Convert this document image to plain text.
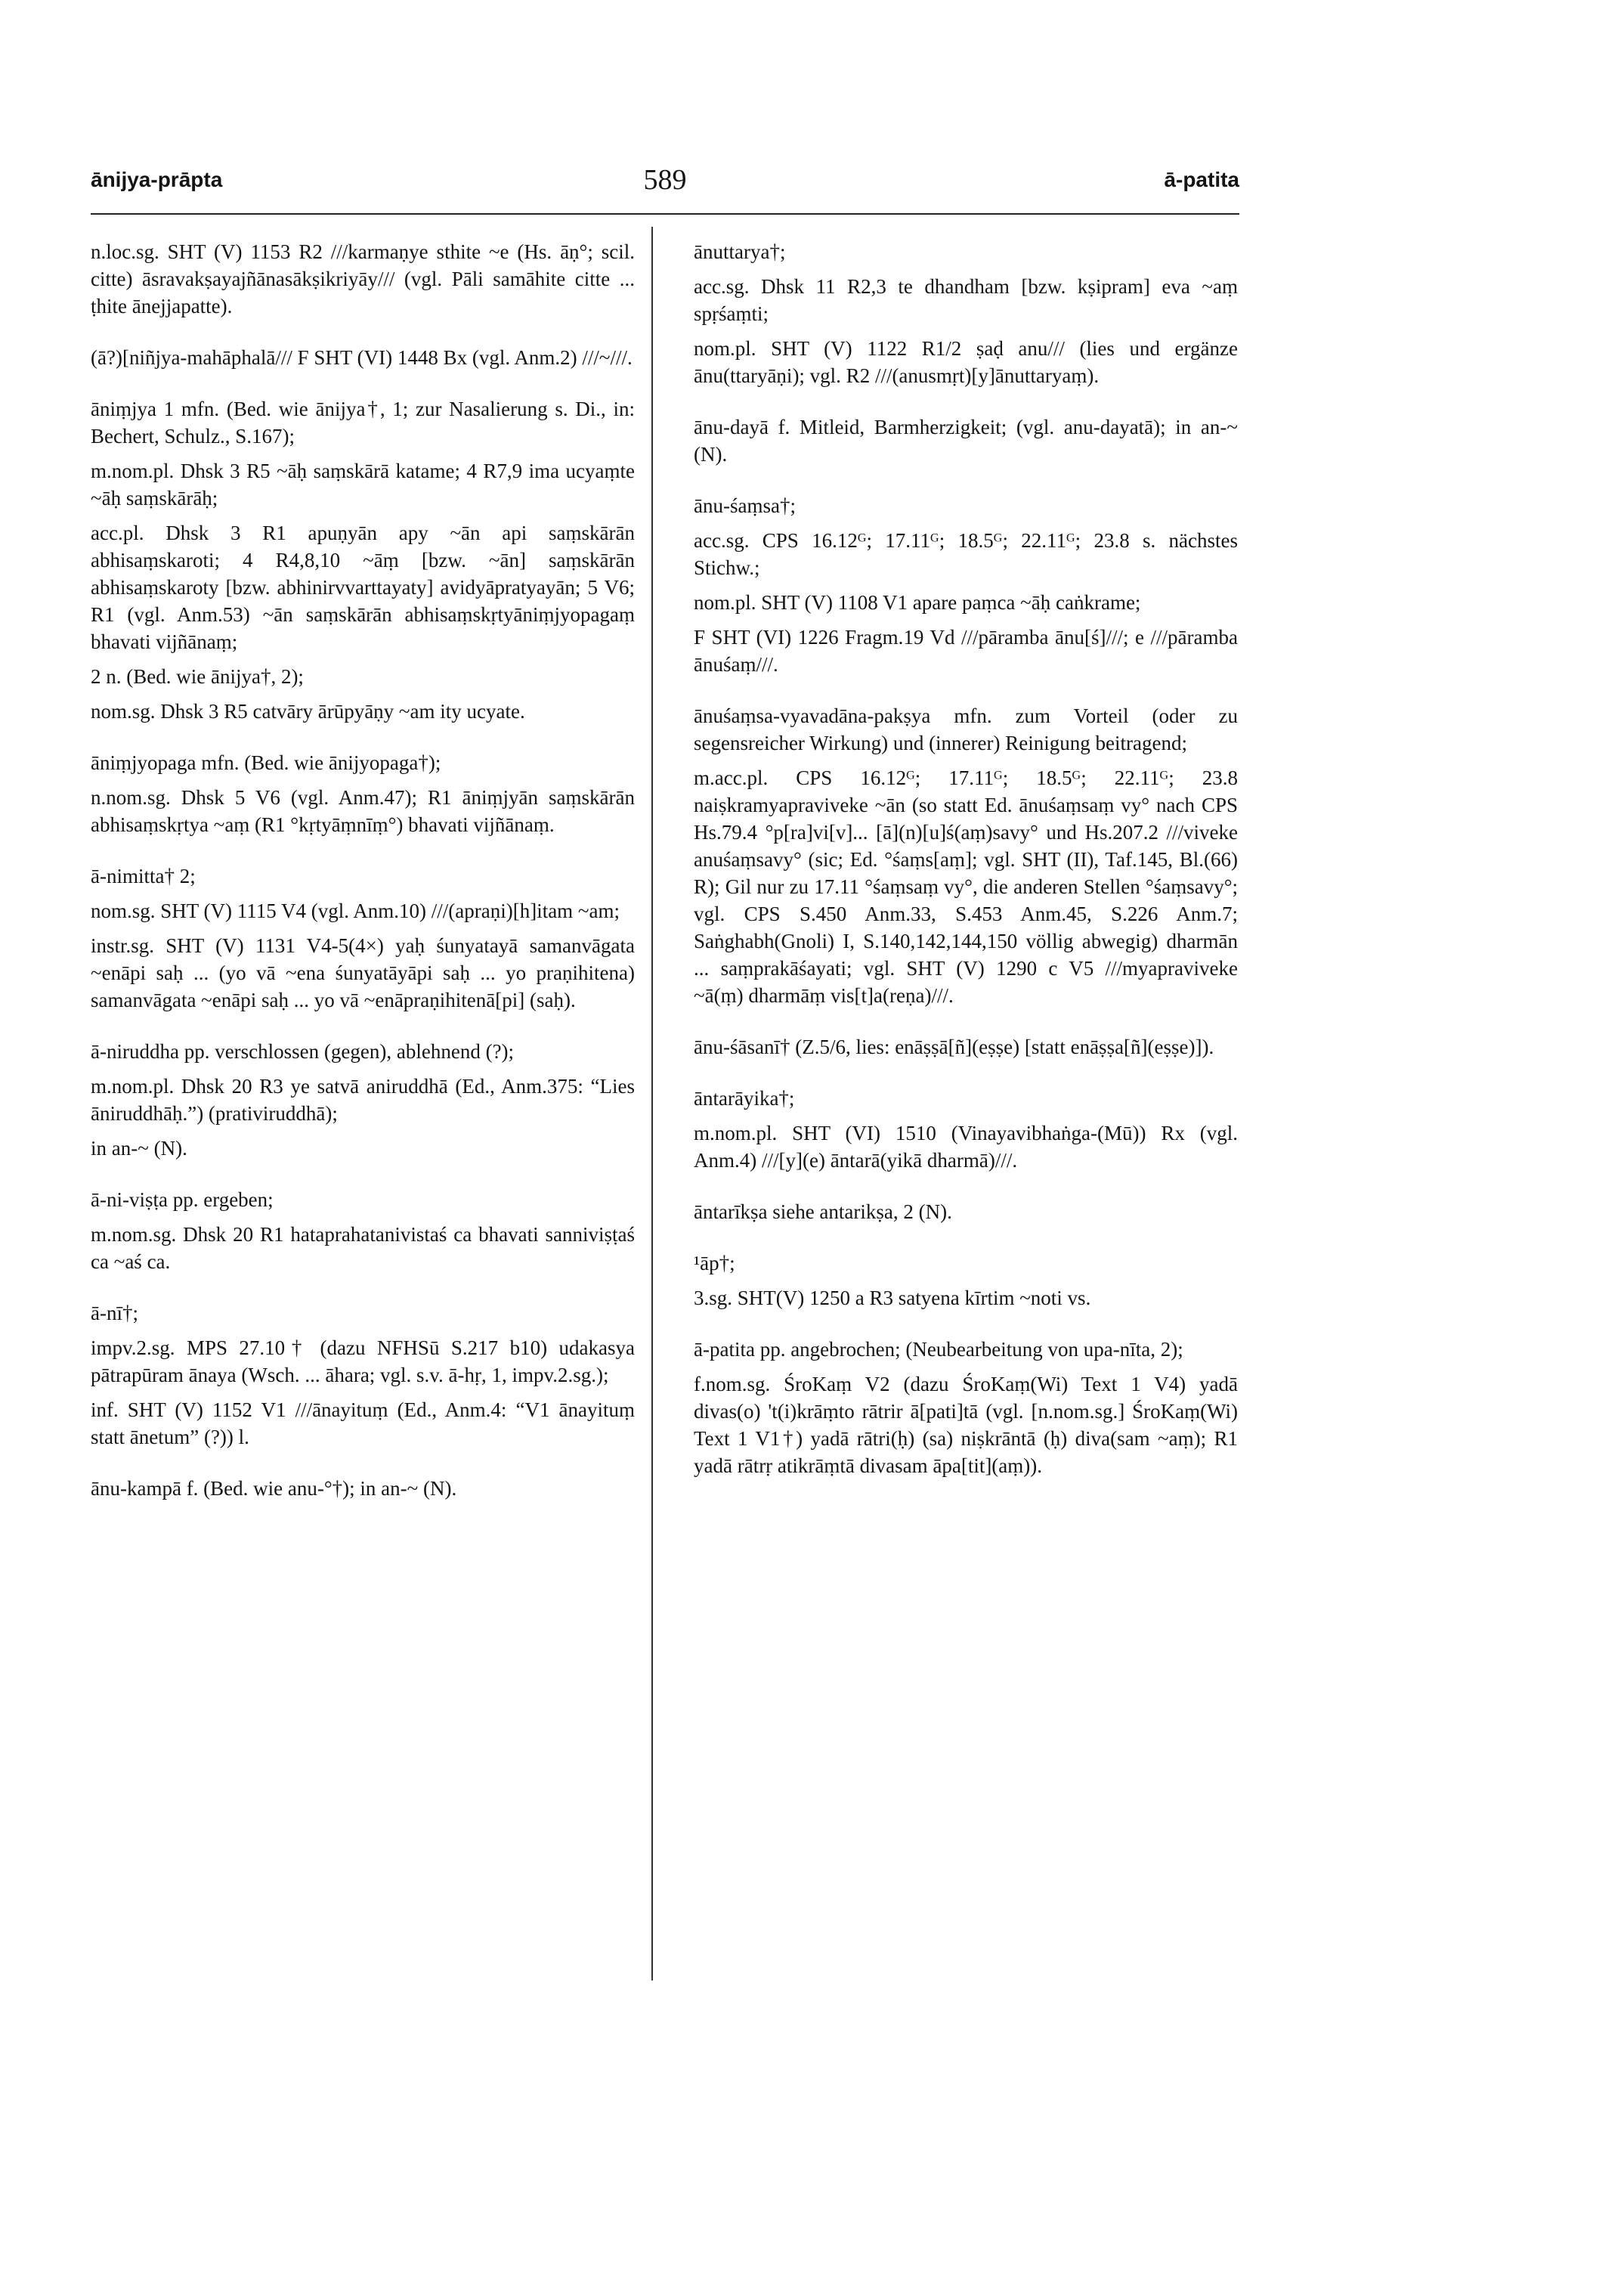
ānijya-prāpta	589	ā-patita

n.loc.sg. SHT (V) 1153 R2 ///karmaṇye sthite ~e (Hs. āṇ°; scil. citte) āsravakṣayajñānasākṣikriyāy/// (vgl. Pāli samāhite citte ... ṭhite ānejjapatte).

(ā?)[niñjya-mahāphalā/// F SHT (VI) 1448 Bx (vgl. Anm.2) ///~///.

āniṃjya 1 mfn. (Bed. wie ānijya†, 1; zur Nasalierung s. Di., in: Bechert, Schulz., S.167);

m.nom.pl. Dhsk 3 R5 ~āḥ saṃskārā katame; 4 R7,9 ima ucyaṃte ~āḥ saṃskārāḥ;

acc.pl. Dhsk 3 R1 apuṇyān apy ~ān api saṃskārān abhisaṃskaroti; 4 R4,8,10 ~āṃ [bzw. ~ān] saṃskārān abhisaṃskaroty [bzw. abhinirvvarttayaty] avidyāpratyayān; 5 V6; R1 (vgl. Anm.53) ~ān saṃskārān abhisaṃskṛtyāniṃjyopagaṃ bhavati vijñānaṃ;

2 n. (Bed. wie ānijya†, 2);

nom.sg. Dhsk 3 R5 catvāry ārūpyāṇy ~am ity ucyate.

āniṃjyopaga mfn. (Bed. wie ānijyopaga†);

n.nom.sg. Dhsk 5 V6 (vgl. Anm.47); R1 āniṃjyān saṃskārān abhisaṃskṛtya ~aṃ (R1 °kṛtyāṃnīṃ°) bhavati vijñānaṃ.

ā-nimitta† 2;

nom.sg. SHT (V) 1115 V4 (vgl. Anm.10) ///(apraṇi)[h]itam ~am;

instr.sg. SHT (V) 1131 V4-5(4×) yaḥ śunyatayā samanvāgata ~enāpi saḥ ... (yo vā ~ena śunyatāyāpi saḥ ... yo praṇihitena) samanvāgata ~enāpi saḥ ... yo vā ~enāpraṇihitenā[pi] (saḥ).

ā-niruddha pp. verschlossen (gegen), ablehnend (?);

m.nom.pl. Dhsk 20 R3 ye satvā aniruddhā (Ed., Anm.375: “Lies āniruddhāḥ.”) (prativiruddhā);

in an-~ (N).

ā-ni-viṣṭa pp. ergeben;

m.nom.sg. Dhsk 20 R1 hataprahatanivistaś ca bhavati sanniviṣṭaś ca ~aś ca.

ā-nī†;

impv.2.sg. MPS 27.10† (dazu NFHSū S.217 b10) udakasya pātrapūram ānaya (Wsch. ... āhara; vgl. s.v. ā-hṛ, 1, impv.2.sg.);

inf. SHT (V) 1152 V1 ///ānayituṃ (Ed., Anm.4: “V1 ānayituṃ statt ānetum” (?)) l.

ānu-kampā f. (Bed. wie anu-°†); in an-~ (N).

ānuttarya†;

acc.sg. Dhsk 11 R2,3 te dhandham [bzw. kṣipram] eva ~aṃ spṛśaṃti;

nom.pl. SHT (V) 1122 R1/2 ṣaḍ anu/// (lies und ergänze ānu(ttaryāṇi); vgl. R2 ///(anusmṛt)[y]ānuttaryaṃ).

ānu-dayā f. Mitleid, Barmherzigkeit; (vgl. anu-dayatā); in an-~ (N).

ānu-śaṃsa†;

acc.sg. CPS 16.12ᴳ; 17.11ᴳ; 18.5ᴳ; 22.11ᴳ; 23.8 s. nächstes Stichw.;

nom.pl. SHT (V) 1108 V1 apare paṃca ~āḥ caṅkrame;

F SHT (VI) 1226 Fragm.19 Vd ///pāramba ānu[ś]///; e ///pāramba ānuśaṃ///.

ānuśaṃsa-vyavadāna-pakṣya mfn. zum Vorteil (oder zu segensreicher Wirkung) und (innerer) Reinigung beitragend;

m.acc.pl. CPS 16.12ᴳ; 17.11ᴳ; 18.5ᴳ; 22.11ᴳ; 23.8 naiṣkramyapraviveke ~ān (so statt Ed. ānuśaṃsaṃ vy° nach CPS Hs.79.4 °p[ra]vi[v]... [ā](n)[u]ś(aṃ)savy° und Hs.207.2 ///viveke anuśaṃsavy° (sic; Ed. °śaṃs[aṃ]; vgl. SHT (II), Taf.145, Bl.(66) R); Gil nur zu 17.11 °śaṃsaṃ vy°, die anderen Stellen °śaṃsavy°; vgl. CPS S.450 Anm.33, S.453 Anm.45, S.226 Anm.7; Saṅghabh(Gnoli) I, S.140,142,144,150 völlig abwegig) dharmān ... saṃprakāśayati; vgl. SHT (V) 1290 c V5 ///myapraviveke ~ā(ṃ) dharmāṃ vis[t]a(reṇa)///.

ānu-śāsanī† (Z.5/6, lies: enāṣṣā[ñ](eṣṣe) [statt enāṣṣa[ñ](eṣṣe)]).

āntarāyika†;

m.nom.pl. SHT (VI) 1510 (Vinayavibhaṅga-(Mū)) Rx (vgl. Anm.4) ///[y](e) āntarā(yikā dharmā)///.

āntarīkṣa siehe antarikṣa, 2 (N).

¹āp†;

3.sg. SHT(V) 1250 a R3 satyena kīrtim ~noti vs.

ā-patita pp. angebrochen; (Neubearbeitung von upa-nīta, 2);

f.nom.sg. ŚroKaṃ V2 (dazu ŚroKaṃ(Wi) Text 1 V4) yadā divas(o) 't(i)krāṃto rātrir ā[pati]tā (vgl. [n.nom.sg.] ŚroKaṃ(Wi) Text 1 V1†) yadā rātri(ḥ) (sa) niṣkrāntā (ḥ) diva(sam ~aṃ); R1 yadā rātrṛ atikrāṃtā divasam āpa[tit](aṃ)).
